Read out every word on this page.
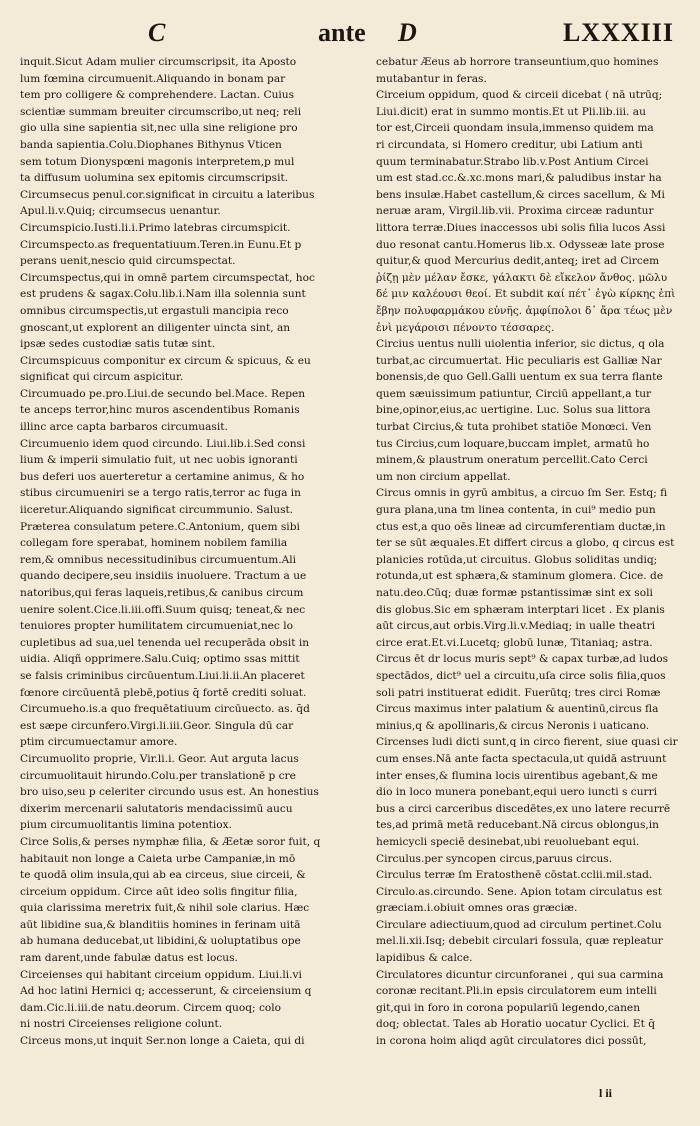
C	ante D	LXXXIII
inquit.Sicut Adam mulier circumscripsit, ita Aposto
lum fœmina circumuenit.Aliquando in bonam par
tem pro colligere & comprehendere. Lactan. Cuius
scientiæ summam breuiter circumscribo,ut neq; reli
gio ulla sine sapientia sit,nec ulla sine religione pro
banda sapientia.Colu.Diophanes Bithynus Vticen
sem totum Dionyspœni magonis interpretem,p mul
ta diffusum uolumina sex epitomis circumscripsit.
Circumsecus penul.cor.significat in circuitu a lateribus
Apul.li.v.Quiq; circumsecus uenantur.
Circumspicio.Iusti.li.i.Primo latebras circumspicit.
Circumspecto.as frequentatiuum.Teren.in Eunu.Et p
perans uenit,nescio quid circumspectat.
Circumspectus,qui in omnē partem circumspectat, hoc
est prudens & sagax.Colu.lib.i.Nam illa solennia sunt
omnibus circumspectis,ut ergastuli mancipia reco
gnoscant,ut explorent an diligenter uincta sint, an
ipsæ sedes custodiæ satis tutæ sint.
Circumspicuus componitur ex circum & spicuus, & eu
significat qui circum aspicitur.
Circumuado pe.pro.Liui.de secundo bel.Mace. Repen
te anceps terror,hinc muros ascendentibus Romanis
illinc arce capta barbaros circumuasit.
Circumuenio idem quod circundo. Liui.lib.i.Sed consi
lium & imperii simulatio fuit, ut nec uobis ignoranti
bus deferi uos auerteretur a certamine animus, & ho
stibus circumueniri se a tergo ratis,terror ac fuga in
iiceretur.Aliquando significat circummunio. Salust.
Præterea consulatum petere.C.Antonium, quem sibi
collegam fore sperabat, hominem nobilem familia
rem,& omnibus necessitudinibus circumuentum.Ali
quando decipere,seu insidiis inuoluere. Tractum a ue
natoribus,qui feras laqueis,retibus,& canibus circum
uenire solent.Cice.li.iii.offi.Suum quisq; teneat,& nec
tenuiores propter humilitatem circumueniat,nec lo
cupletibus ad sua,uel tenenda uel recuperāda obsit in
uidia. Aliqñ opprimere.Salu.Cuiq; optimo ssas mittit
se falsis criminibus circūuentum.Liui.li.ii.An placeret
fœnore circūuentā plebē,potius q̄ fortē crediti soluat.
Circumueho.is.a quo frequētatiuum circūuecto. as. q̄d
est sæpe circunfero.Virgi.li.iii.Geor. Singula dū car
ptim circumuectamur amore.
Circumuolito proprie, Vir.li.i. Geor. Aut arguta lacus
circumuolitauit hirundo.Colu.per translationē p cre
bro uiso,seu p celeriter circundo usus est. An honestius
dixerim mercenarii salutatoris mendacissimū aucu
pium circumuolitantis limina potentiox.
Circe Solis,& perses nymphæ filia, & Æetæ soror fuit, q
habitauit non longe a Caieta urbe Campaniæ,in mō
te quodā olim insula,qui ab ea circeus, siue circeii, &
circeium oppidum. Circe aūt ideo solis fingitur filia,
quia clarissima meretrix fuit,& nihil sole clarius. Hæc
aūt libidine sua,& blanditiis homines in ferinam uitā
ab humana deducebat,ut libidini,& uoluptatibus ope
ram darent,unde fabulæ datus est locus.
Circeienses qui habitant circeium oppidum. Liui.li.vi
Ad hoc latini Hernici q; accesserunt, & circeiensium q
dam.Cic.li.iii.de natu.deorum. Circem quoq; colo
ni nostri Circeienses religione colunt.
Circeus mons,ut inquit Ser.non longe a Caieta, qui di
cebatur Æeus ab horrore transeuntium,quo homines
mutabantur in feras.
Circeium oppidum, quod & circeii dicebat ( nā utrūq;
Liui.dicit) erat in summo montis.Et ut Pli.lib.iii. au
tor est,Circeii quondam insula,immenso quidem ma
ri circundata, si Homero creditur, ubi Latium anti
quum terminabatur.Strabo lib.v.Post Antium Circei
um est stad.cc.&.xc.mons mari,& paludibus instar ha
bens insulæ.Habet castellum,& circes sacellum, & Mi
neruæ aram, Virgil.lib.vii. Proxima circeæ raduntur
littora terræ.Diues inaccessos ubi solis filia lucos Assi
duo resonat cantu.Homerus lib.x. Odysseæ late prose
quitur,& quod Mercurius dedit,anteq; iret ad Circem
ῥίζῃ μὲν μέλαν ἔσκε, γάλακτι δὲ εἴκελον ἄνθος. μῶλυ
δέ μιν καλέουσι θεοί. Et subdit καί πέτ᾽ ἐγὼ κίρκης ἐπὶ
ἔβην πολυφαρμάκου εὐνῆς. ἀμφίπολοι δ᾽ ἄρα τέως μὲν
ἐνὶ μεγάροισι πένοντο τέσσαρες.
Circius uentus nulli uiolentia inferior, sic dictus, q ola
turbat,ac circumuertat. Hic peculiaris est Galliæ Nar
bonensis,de quo Gell.Galli uentum ex sua terra flante
quem sæuissimum patiuntur, Circiū appellant,a tur
bine,opinor,eius,ac uertigine. Luc. Solus sua littora
turbat Circius,& tuta prohibet statiōe Monœci. Ven
tus Circius,cum loquare,buccam implet, armatū ho
minem,& plaustrum oneratum percellit.Cato Cerci
um non circium appellat.
Circus omnis in gyrū ambitus, a circuo ſm Ser. Estq; fi
gura plana,una tm linea contenta, in cui⁹ medio pun
ctus est,a quo oēs lineæ ad circumferentiam ductæ,in
ter se sūt æquales.Et differt circus a globo, q circus est
planicies rotūda,ut circuitus. Globus soliditas undiq;
rotunda,ut est sphæra,& staminum glomera. Cice. de
natu.deo.Cūq; duæ formæ pstantissimæ sint ex soli
dis globus.Sic em sphæram interptari licet . Ex planis
aūt circus,aut orbis.Virg.li.v.Mediaq; in ualle theatri
circe erat.Et.vi.Lucetq; globū lunæ, Titaniaq; astra.
Circus ēt dr locus muris sept⁹ & capax turbæ,ad ludos
spectādos, dict⁹ uel a circuitu,uſa circe solis filia,quos
soli patri instituerat edidit. Fuerūtq; tres circi Romæ
Circus maximus inter palatium & auentinū,circus fla
minius,q & apollinaris,& circus Neronis i uaticano.
Circenses ludi dicti sunt,q in circo fierent, siue quasi cir
cum enses.Nā ante facta spectacula,ut quidā astruunt
inter enses,& flumina locis uirentibus agebant,& me
dio in loco munera ponebant,equi uero iuncti s curri
bus a circi carceribus discedētes,ex uno latere recurrē
tes,ad primā metā reducebant.Nā circus oblongus,in
hemicycli speciē desinebat,ubi reuoluebant equi.
Circulus.per syncopen circus,paruus circus.
Circulus terræ ſm Eratosthenē cōstat.cclii.mil.stad.
Circulo.as.circundo. Sene. Apion totam circulatus est
græciam.i.obiuit omnes oras græciæ.
Circulare adiectiuum,quod ad circulum pertinet.Colu
mel.li.xii.Isq; debebit circulari fossula, quæ repleatur
lapidibus & calce.
Circulatores dicuntur circunforanei , qui sua carmina
coronæ recitant.Pli.in epsis circulatorem eum intelli
git,qui in foro in corona populariū legendo,canen
doq; oblectat. Tales ab Horatio uocatur Cyclici. Et q̄
in corona hoim aliqd agūt circulatores dici possūt,
l ii
